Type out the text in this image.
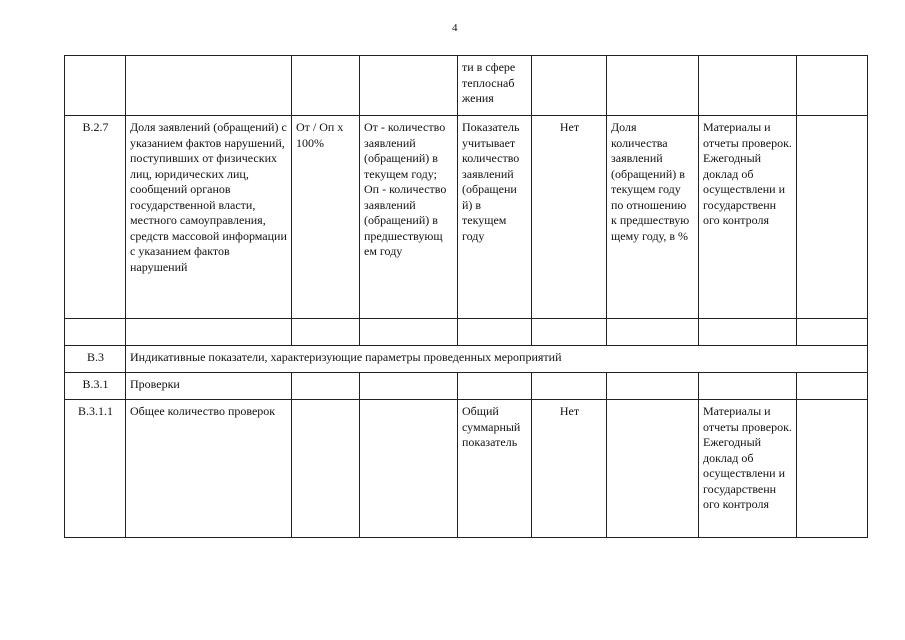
4
				ти в сфере теплоснаб жения				
В.2.7	Доля заявлений (обращений) с указанием фактов нарушений, поступивших от физических лиц, юридических лиц, сообщений органов государственной власти, местного самоуправления, средств массовой информации с указанием фактов нарушений	От / Оп х 100%	От - количество заявлений (обращений) в текущем году; Оп - количество заявлений (обращений) в предшествующ ем году	Показатель учитывает количество заявлений (обращени й) в текущем году	Нет	Доля количества заявлений (обращений) в текущем году по отношению к предшествую щему году, в %	Материалы и отчеты проверок. Ежегодный доклад об осуществлени и государственн ого контроля	

В.3	Индикативные показатели, характеризующие параметры проведенных мероприятий							
В.3.1	Проверки							
В.3.1.1	Общее количество проверок			Общий суммарный показатель	Нет		Материалы и отчеты проверок. Ежегодный доклад об осуществлени и государственн ого контроля	
